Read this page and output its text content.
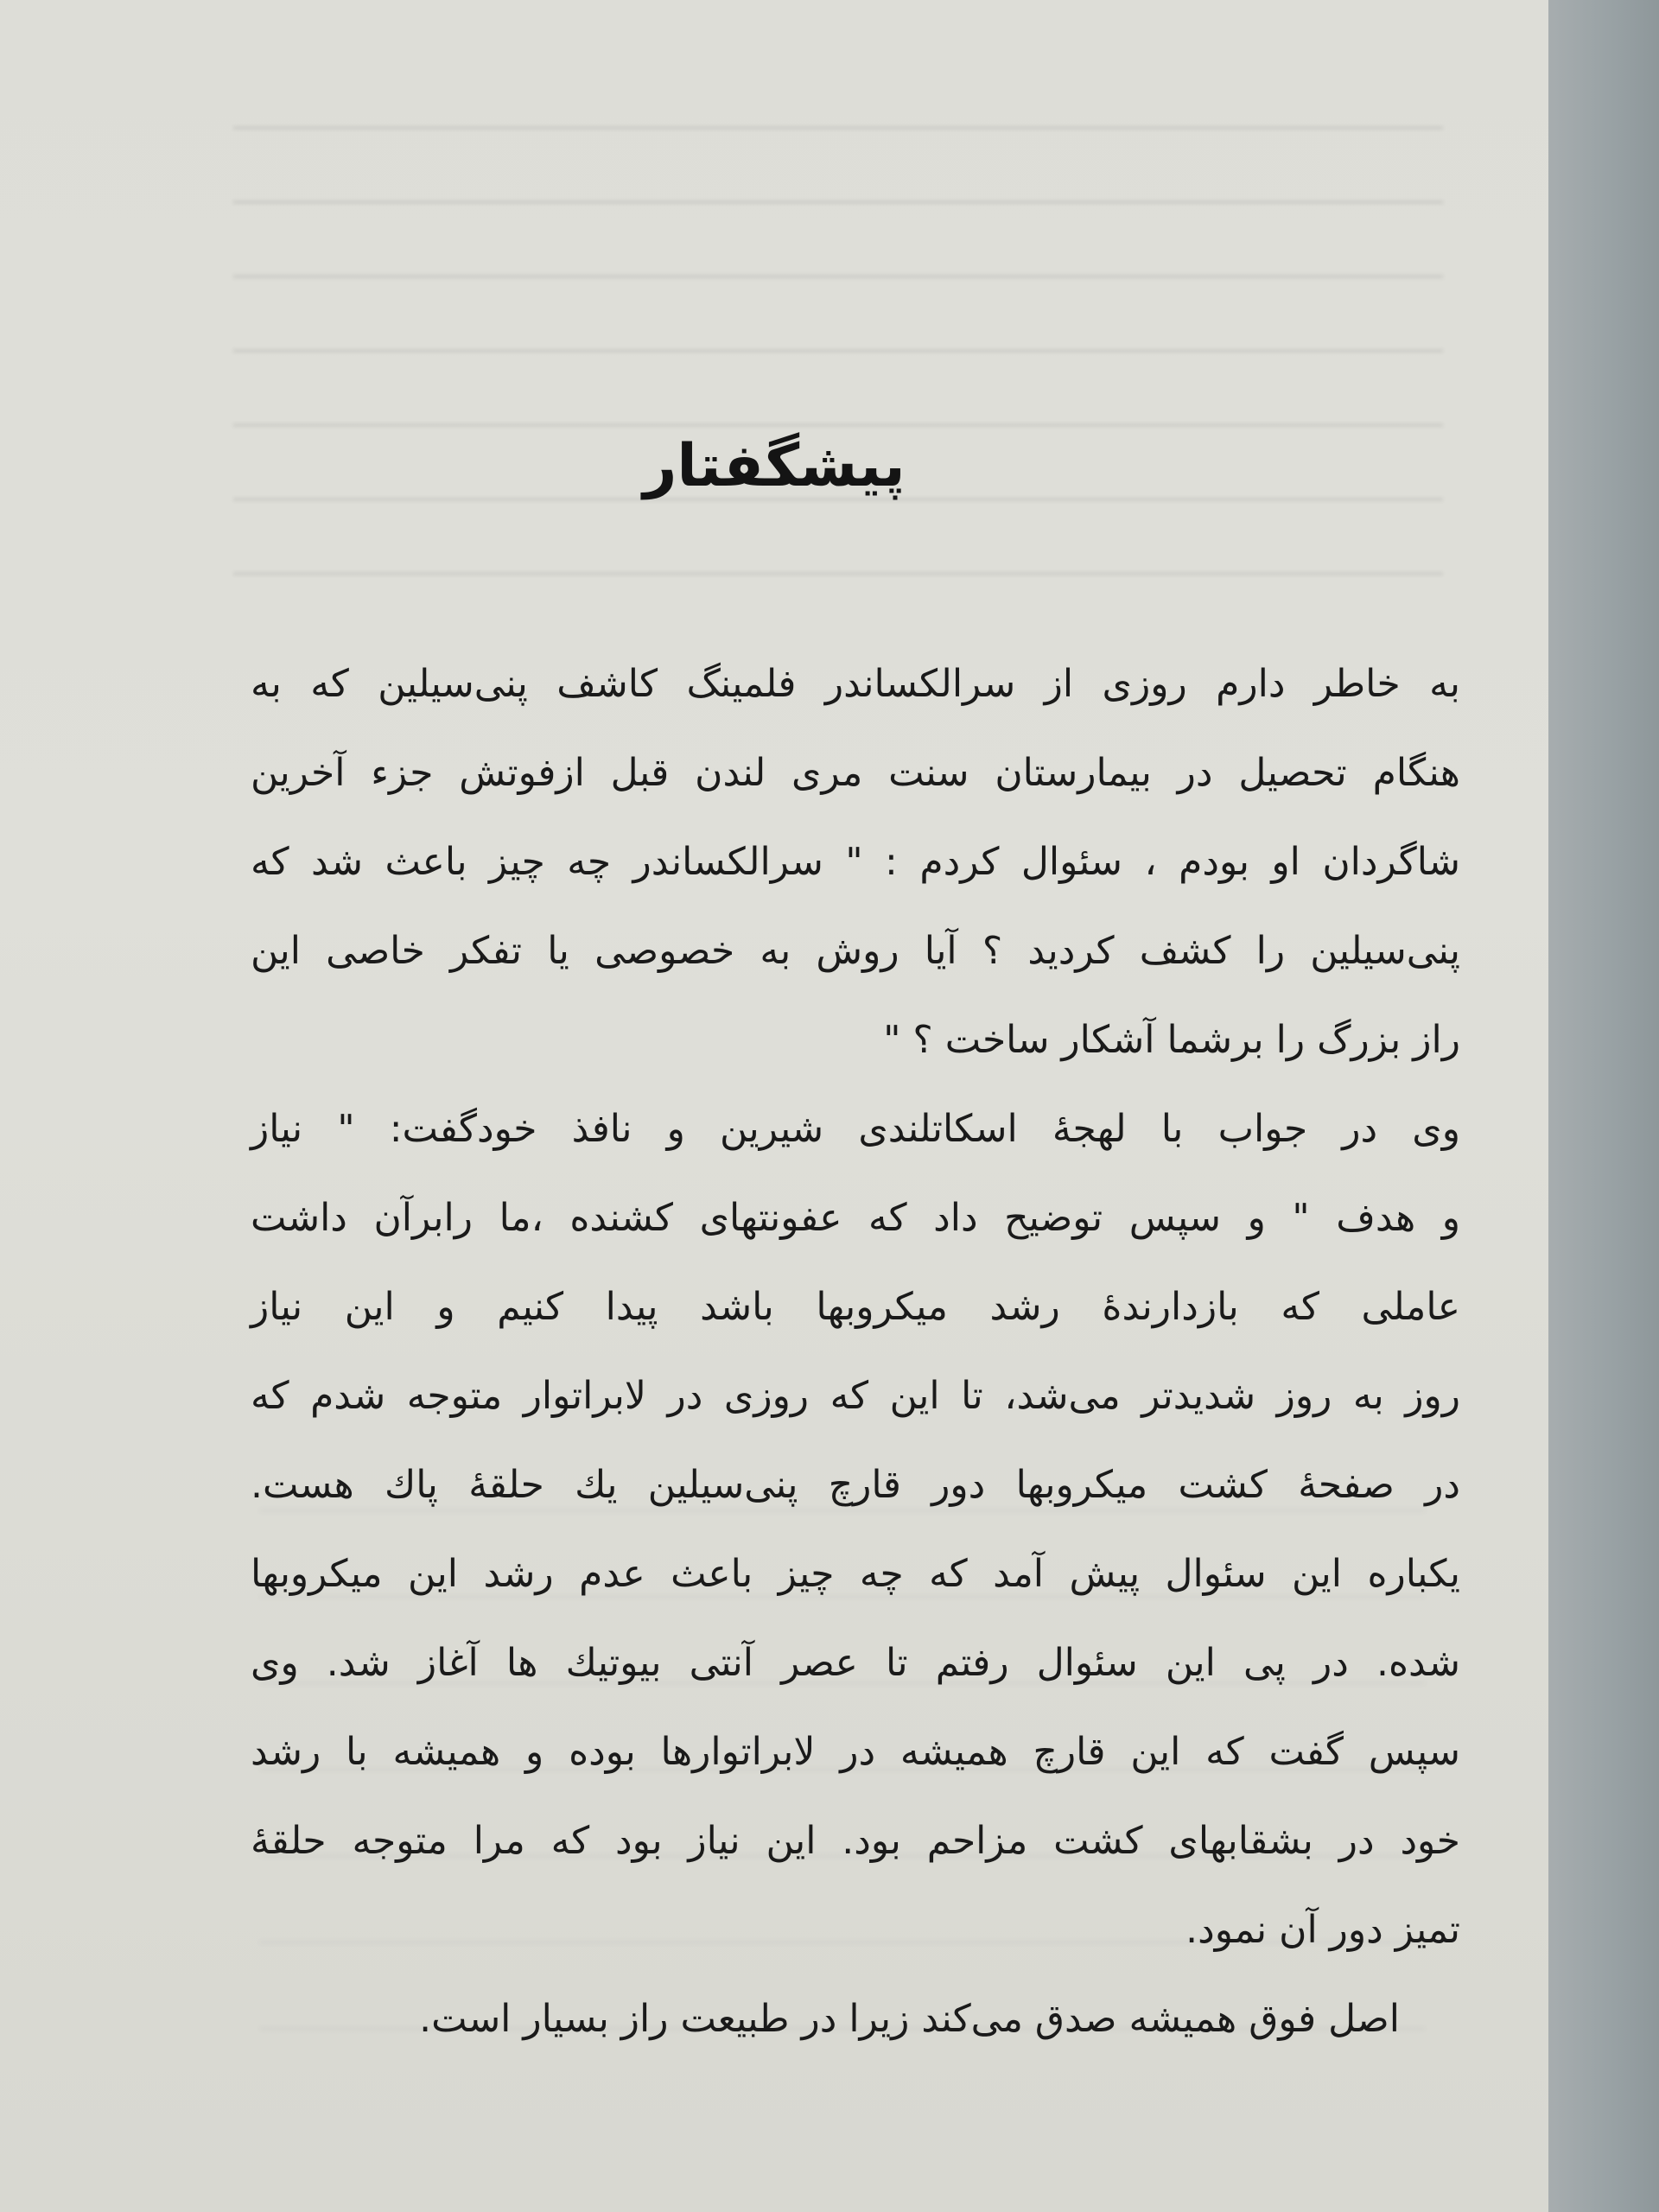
پیشگفتار
به خاطر دارم روزی از سرالکساندر فلمینگ کاشف پنی‌سیلین که به
هنگام تحصیل در بیمارستان سنت مری لندن قبل ازفوتش جزء آخرین
شاگردان او بودم ، سئوال کردم : " سرالکساندر چه چیز باعث شد که
پنی‌سیلین را کشف کردید ؟ آیا روش به خصوصی یا تفکر خاصی این
راز بزرگ را برشما آشکار ساخت ؟ "
وی در جواب با لهجهٔ اسکاتلندی شیرین و نافذ خودگفت: " نیاز
و هدف " و سپس توضیح داد که عفونتهای کشنده ،ما رابرآن داشت
عاملی که بازدارندهٔ رشد میکروبها باشد پیدا کنیم و این نیاز
روز به روز شدیدتر می‌شد، تا این که روزی در لابراتوار متوجه شدم که
در صفحهٔ کشت میکروبها دور قارچ پنی‌سیلین یك حلقهٔ پاك هست.
یکباره این سئوال پیش آمد که چه چیز باعث عدم رشد این میکروبها
شده. در پی این سئوال رفتم تا عصر آنتی بیوتیك ها آغاز شد. وی
سپس گفت که این قارچ همیشه در لابراتوارها بوده و همیشه با رشد
خود در بشقابهای کشت مزاحم بود. این نیاز بود که مرا متوجه حلقهٔ
تمیز دور آن نمود.
اصل فوق همیشه صدق می‌کند زیرا در طبیعت راز بسیار است.
